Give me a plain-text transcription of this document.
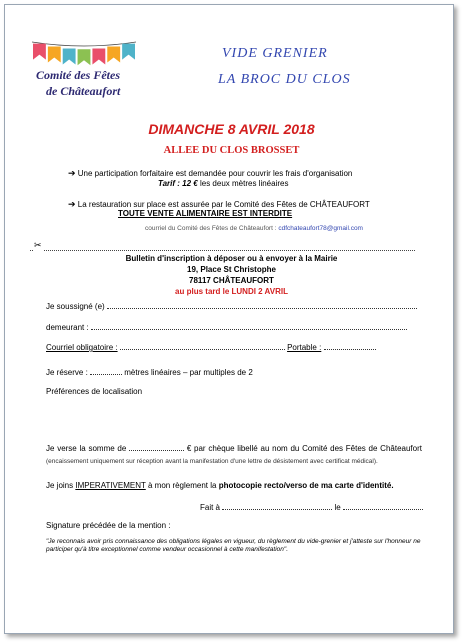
Comité des Fêtes
de Châteaufort
VIDE GRENIER
LA BROC DU CLOS
DIMANCHE 8 AVRIL 2018
ALLEE DU CLOS BROSSET
➔ Une participation forfaitaire est demandée pour couvrir les frais d'organisation
Tarif : 12 € les deux mètres linéaires
➔ La restauration sur place est assurée par le Comité des Fêtes de CHÂTEAUFORT
TOUTE VENTE ALIMENTAIRE EST INTERDITE
courriel du Comité des Fêtes de Châteaufort : cdfchateaufort78@gmail.com
✂
Bulletin d'inscription à déposer ou à envoyer à la Mairie
19, Place St Christophe
78117 CHÂTEAUFORT
au plus tard le LUNDI 2 AVRIL
Je soussigné (e)
demeurant :
Courriel obligatoire :	Portable :
Je réserve :	mètres linéaires – par multiples de 2
Préférences de localisation
Je verse la somme de	€ par chèque libellé au nom du Comité des Fêtes de Châteaufort (encaissement uniquement sur réception avant la manifestation d'une lettre de désistement avec certificat médical).
Je joins IMPERATIVEMENT à mon règlement la photocopie recto/verso de ma carte d'identité.
Fait à	le
Signature précédée de la mention :
"Je reconnais avoir pris connaissance des obligations légales en vigueur, du règlement du vide-grenier et j'atteste sur l'honneur ne participer qu'à titre exceptionnel comme vendeur occasionnel à cette manifestation".
